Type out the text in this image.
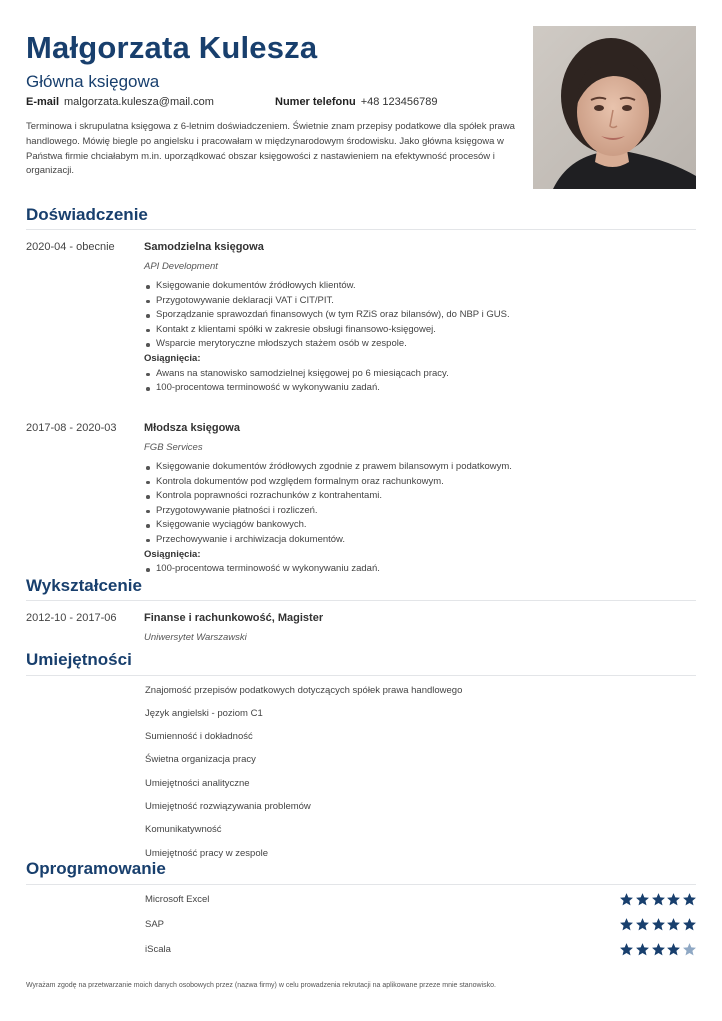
Małgorzata Kulesza
Główna księgowa
E-mail malgorzata.kulesza@mail.com	Numer telefonu +48 123456789
Terminowa i skrupulatna księgowa z 6-letnim doświadczeniem. Świetnie znam przepisy podatkowe dla spółek prawa handlowego. Mówię biegle po angielsku i pracowałam w międzynarodowym środowisku. Jako główna księgowa w Państwa firmie chciałabym m.in. uporządkować obszar księgowości z nastawieniem na efektywność procesów i organizacji.
Doświadczenie
2020-04 - obecnie	Samodzielna księgowa
API Development
Księgowanie dokumentów źródłowych klientów.
Przygotowywanie deklaracji VAT i CIT/PIT.
Sporządzanie sprawozdań finansowych (w tym RZiS oraz bilansów), do NBP i GUS.
Kontakt z klientami spółki w zakresie obsługi finansowo-księgowej.
Wsparcie merytoryczne młodszych stażem osób w zespole.
Osiągnięcia:
Awans na stanowisko samodzielnej księgowej po 6 miesiącach pracy.
100-procentowa terminowość w wykonywaniu zadań.
2017-08 - 2020-03 Młodsza księgowa
FGB Services
Księgowanie dokumentów źródłowych zgodnie z prawem bilansowym i podatkowym.
Kontrola dokumentów pod względem formalnym oraz rachunkowym.
Kontrola poprawności rozrachunków z kontrahentami.
Przygotowywanie płatności i rozliczeń.
Księgowanie wyciągów bankowych.
Przechowywanie i archiwizacja dokumentów.
Osiągnięcia:
100-procentowa terminowość w wykonywaniu zadań.
Wykształcenie
2012-10 - 2017-06 Finanse i rachunkowość, Magister
Uniwersytet Warszawski
Umiejętności
Znajomość przepisów podatkowych dotyczących spółek prawa handlowego
Język angielski - poziom C1
Sumienność i dokładność
Świetna organizacja pracy
Umiejętności analityczne
Umiejętność rozwiązywania problemów
Komunikatywność
Umiejętność pracy w zespole
Oprogramowanie
Microsoft Excel
SAP
iScala
Wyrażam zgodę na przetwarzanie moich danych osobowych przez (nazwa firmy) w celu prowadzenia rekrutacji na aplikowane przeze mnie stanowisko.
